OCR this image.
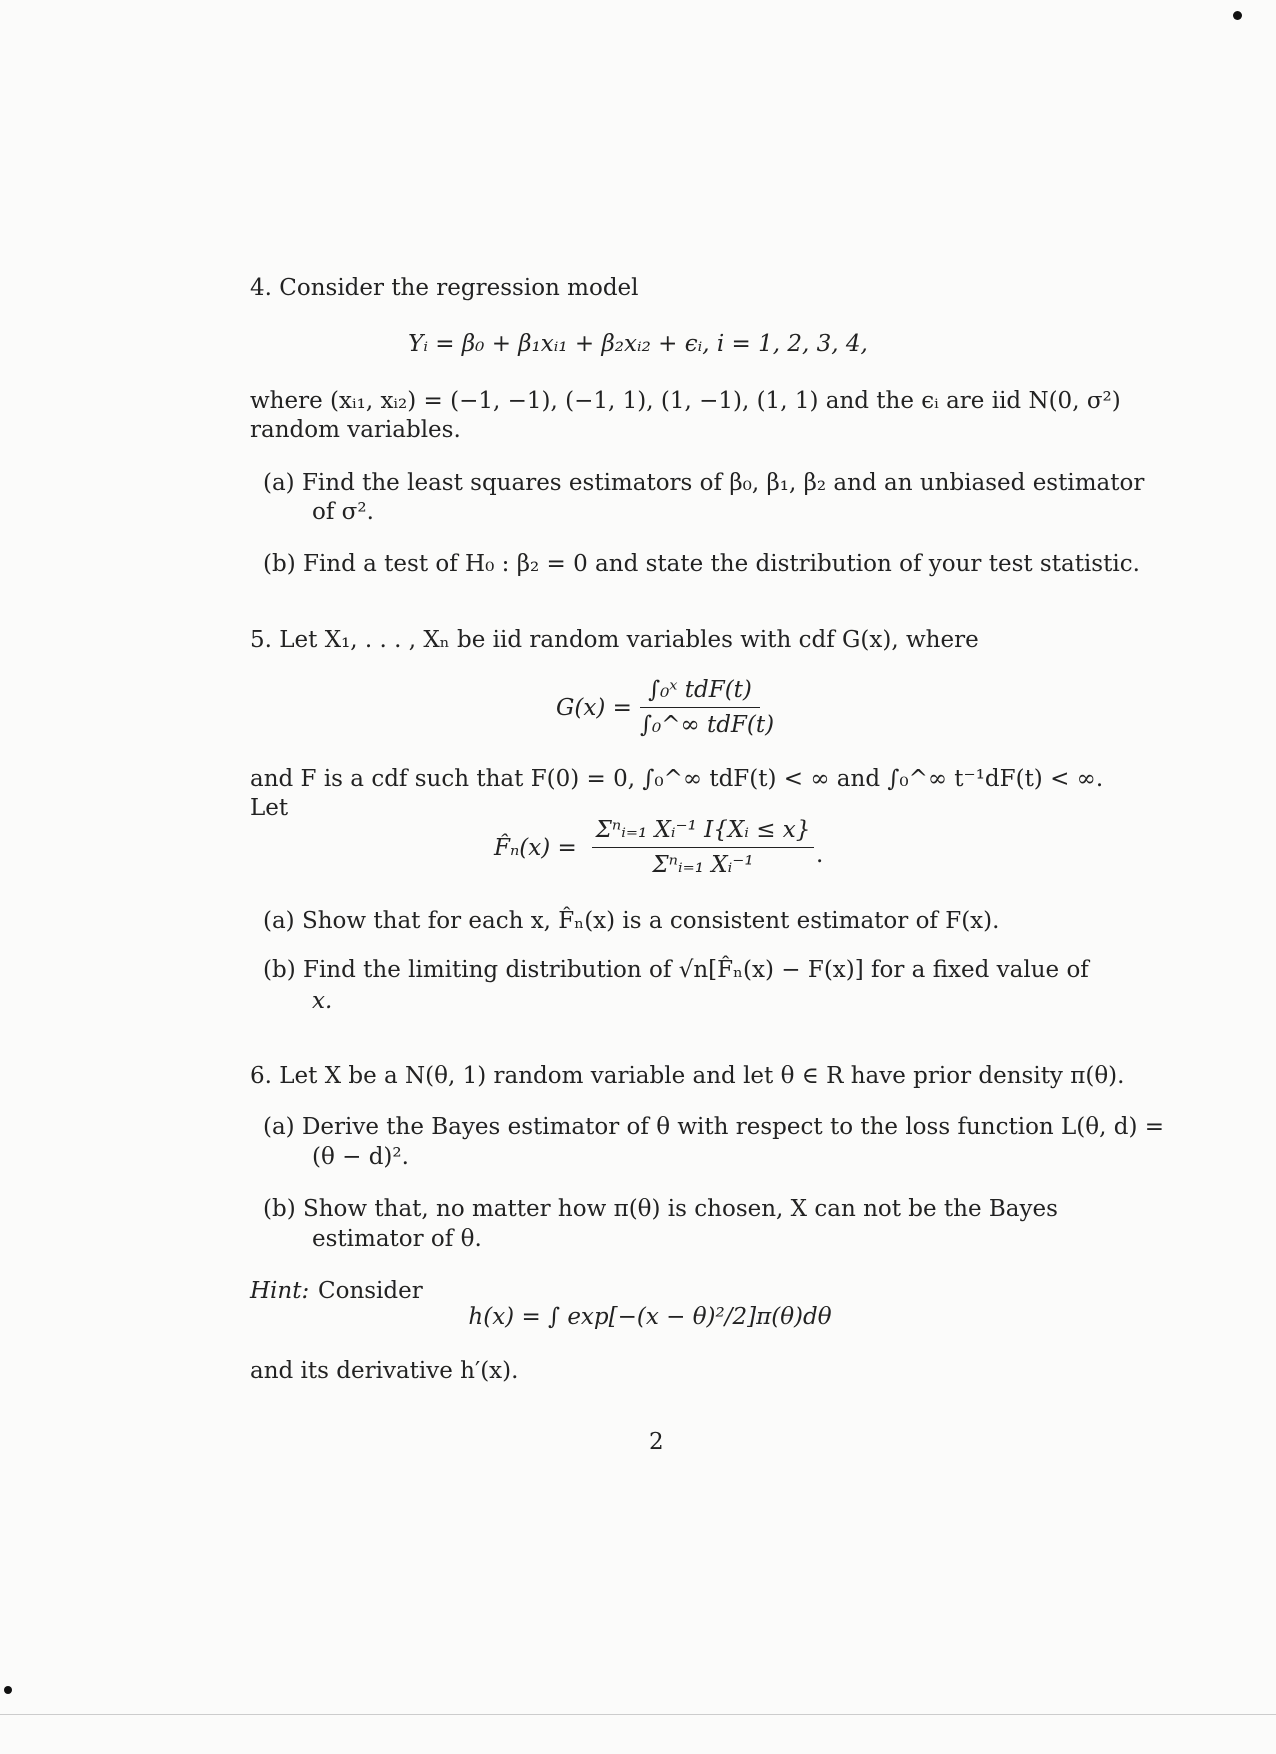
4. Consider the regression model
Yᵢ = β₀ + β₁xᵢ₁ + β₂xᵢ₂ + ϵᵢ, i = 1, 2, 3, 4,
where (xᵢ₁, xᵢ₂) = (−1, −1), (−1, 1), (1, −1), (1, 1) and the ϵᵢ are iid N(0, σ²)
random variables.
(a) Find the least squares estimators of β₀, β₁, β₂ and an unbiased estimator
of σ².
(b) Find a test of H₀ : β₂ = 0 and state the distribution of your test statistic.
5. Let X₁, . . . , Xₙ be iid random variables with cdf G(x), where
G(x) =
∫₀ˣ tdF(t)
∫₀^∞ tdF(t)
and F is a cdf such that F(0) = 0, ∫₀^∞ tdF(t) < ∞ and ∫₀^∞ t⁻¹dF(t) < ∞.
Let
F̂ₙ(x) =
Σⁿᵢ₌₁ Xᵢ⁻¹ I{Xᵢ ≤ x}
Σⁿᵢ₌₁ Xᵢ⁻¹	.
(a) Show that for each x, F̂ₙ(x) is a consistent estimator of F(x).
(b) Find the limiting distribution of √n[F̂ₙ(x) − F(x)] for a fixed value of
x.
6. Let X be a N(θ, 1) random variable and let θ ∈ R have prior density π(θ).
(a) Derive the Bayes estimator of θ with respect to the loss function L(θ, d) =
(θ − d)².
(b) Show that, no matter how π(θ) is chosen, X can not be the Bayes
estimator of θ.
Hint: Consider
h(x) = ∫ exp[−(x − θ)²/2]π(θ)dθ
and its derivative h′(x).
2
